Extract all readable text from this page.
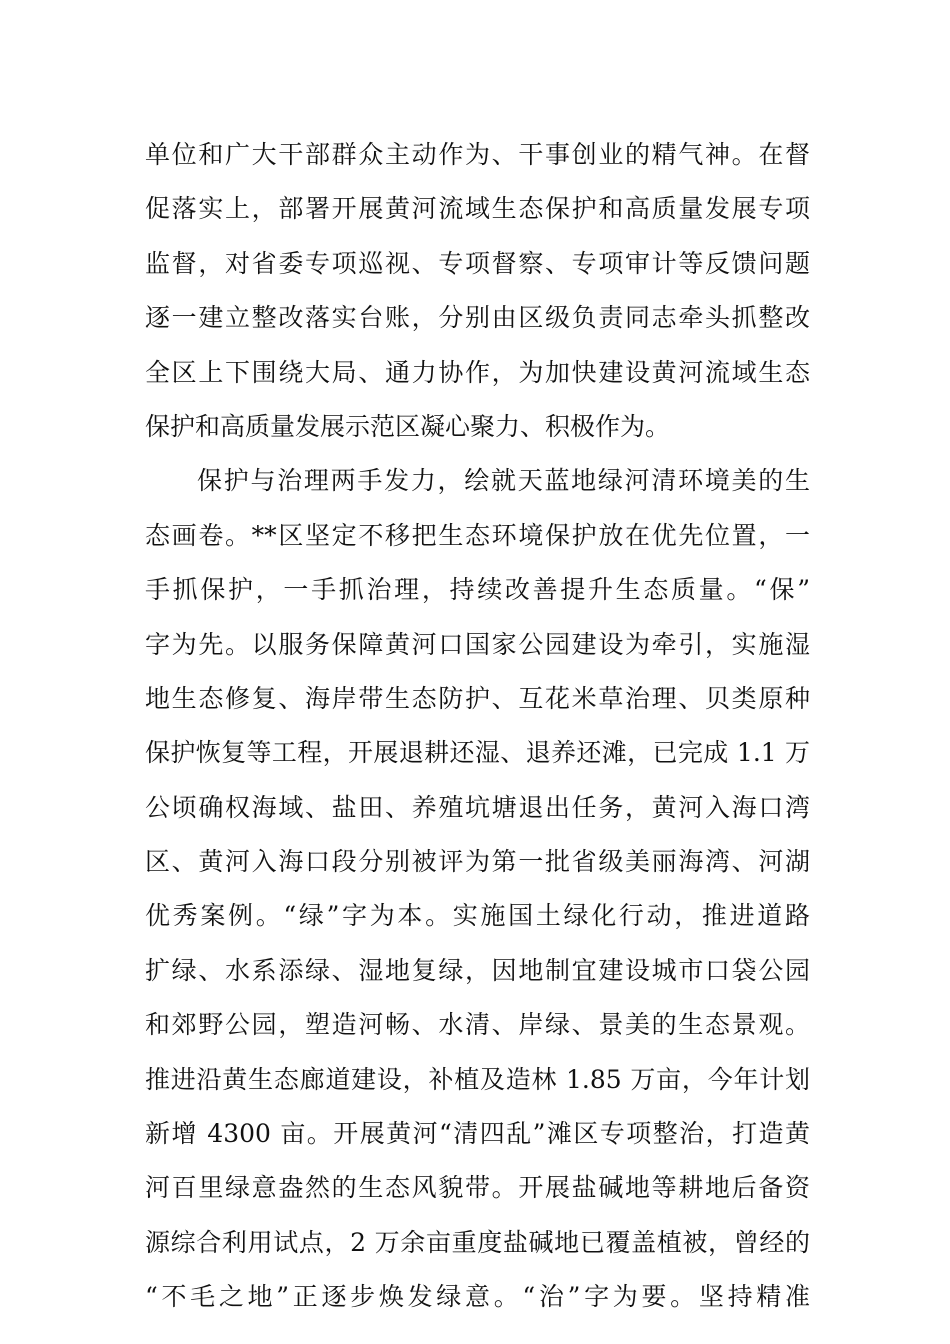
单位和广大干部群众主动作为、干事创业的精气神。在督
促落实上，部署开展黄河流域生态保护和高质量发展专项
监督，对省委专项巡视、专项督察、专项审计等反馈问题
逐一建立整改落实台账，分别由区级负责同志牵头抓整改
全区上下围绕大局、通力协作，为加快建设黄河流域生态
保护和高质量发展示范区凝心聚力、积极作为。
保护与治理两手发力，绘就天蓝地绿河清环境美的生
态画卷。**区坚定不移把生态环境保护放在优先位置，一
手抓保护，一手抓治理，持续改善提升生态质量。“保”
字为先。以服务保障黄河口国家公园建设为牵引，实施湿
地生态修复、海岸带生态防护、互花米草治理、贝类原种
保护恢复等工程，开展退耕还湿、退养还滩，已完成 1.1 万
公顷确权海域、盐田、养殖坑塘退出任务，黄河入海口湾
区、黄河入海口段分别被评为第一批省级美丽海湾、河湖
优秀案例。“绿”字为本。实施国土绿化行动，推进道路
扩绿、水系添绿、湿地复绿，因地制宜建设城市口袋公园
和郊野公园，塑造河畅、水清、岸绿、景美的生态景观。
推进沿黄生态廊道建设，补植及造林 1.85 万亩，今年计划
新增 4300 亩。开展黄河“清四乱”滩区专项整治，打造黄
河百里绿意盎然的生态风貌带。开展盐碱地等耕地后备资
源综合利用试点，2 万余亩重度盐碱地已覆盖植被，曾经的
“不毛之地”正逐步焕发绿意。“治”字为要。坚持精准
